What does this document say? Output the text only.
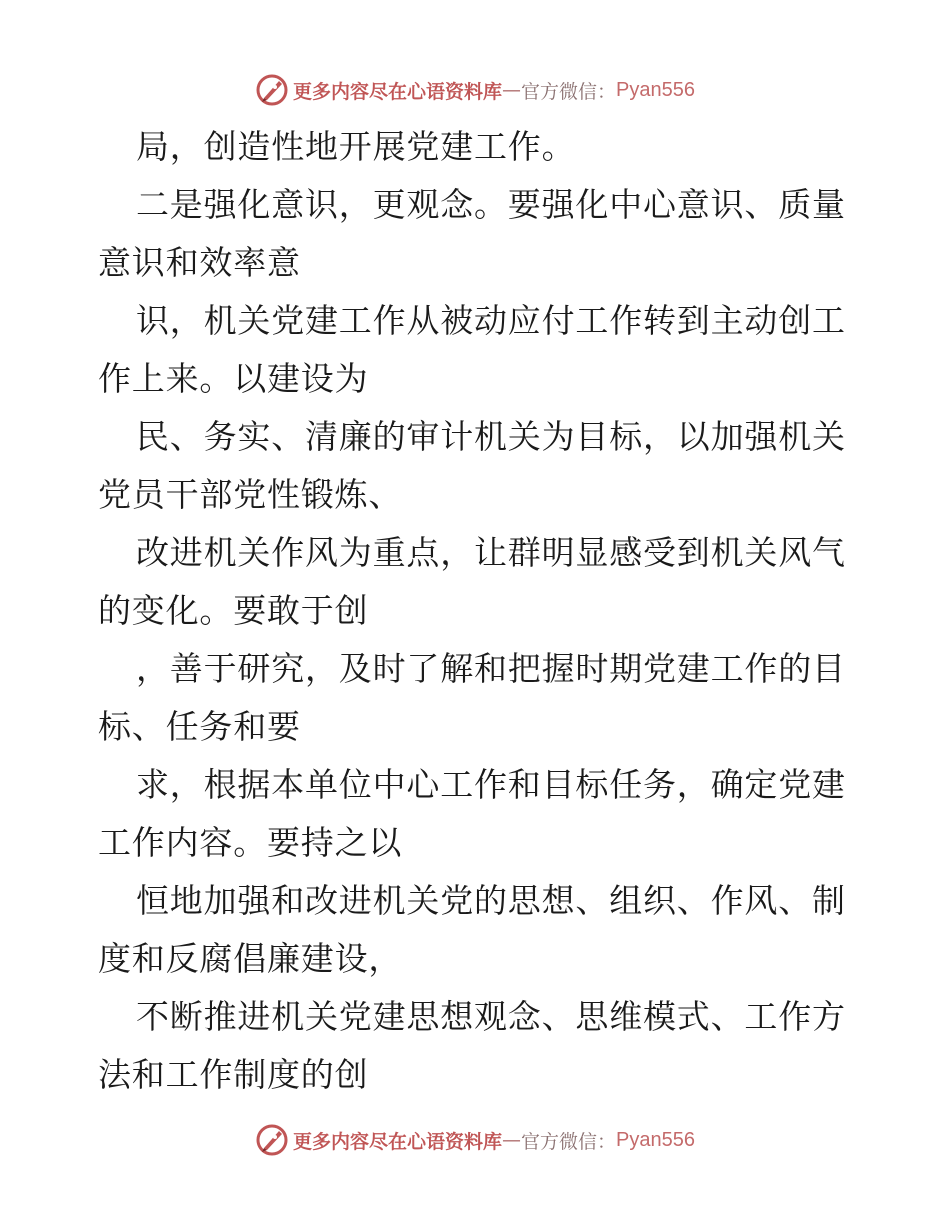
更多内容尽在心语资料库 — 官方微信： Pyan556
局，创造性地开展党建工作。
二是强化意识，更观念。要强化中心意识、质量
意识和效率意
识，机关党建工作从被动应付工作转到主动创工
作上来。以建设为
民、务实、清廉的审计机关为目标，以加强机关
党员干部党性锻炼、
改进机关作风为重点，让群明显感受到机关风气
的变化。要敢于创
，善于研究，及时了解和把握时期党建工作的目
标、任务和要
求，根据本单位中心工作和目标任务，确定党建
工作内容。要持之以
恒地加强和改进机关党的思想、组织、作风、制
度和反腐倡廉建设，
不断推进机关党建思想观念、思维模式、工作方
法和工作制度的创
更多内容尽在心语资料库 — 官方微信： Pyan556
